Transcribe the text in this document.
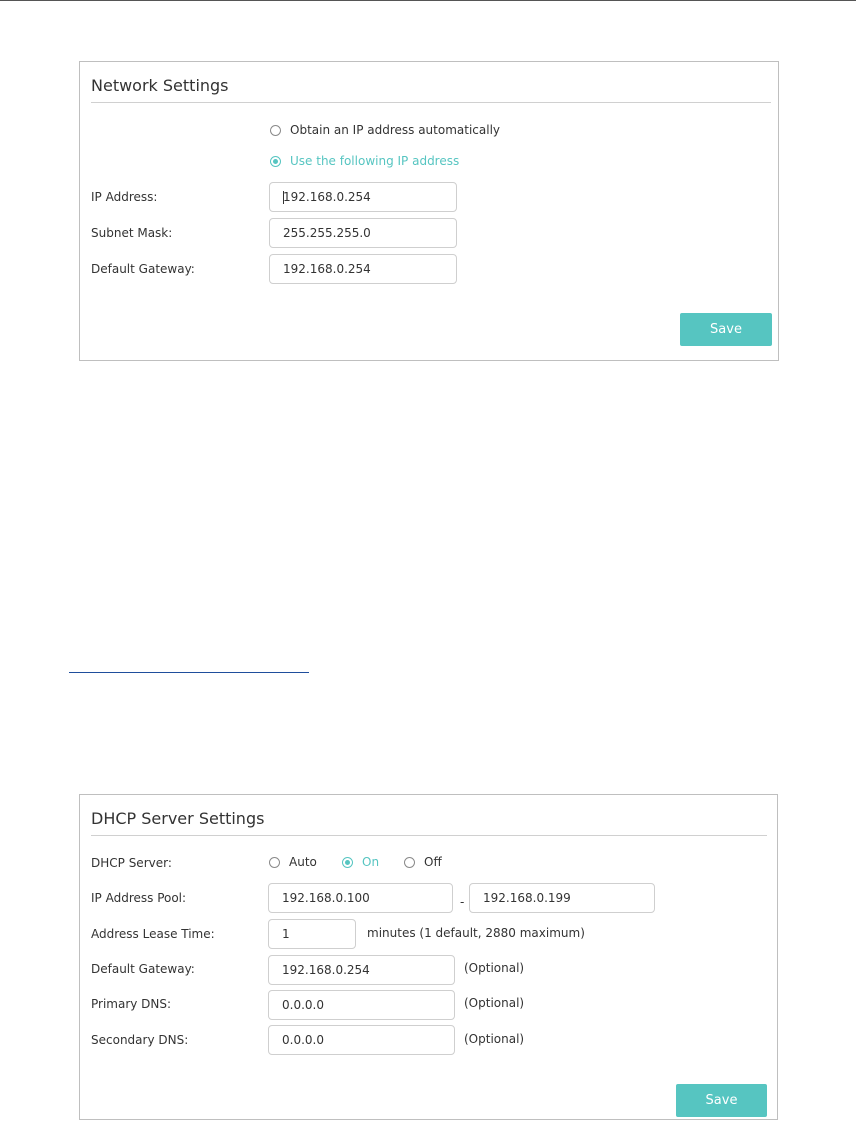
Network Settings
Obtain an IP address automatically
Use the following IP address
IP Address:
192.168.0.254
Subnet Mask:
255.255.255.0
Default Gateway:
192.168.0.254
Save
DHCP Server Settings
DHCP Server:	Auto	On	Off
IP Address Pool:
192.168.0.100	-
192.168.0.199
Address Lease Time:
1	minutes (1 default, 2880 maximum)
Default Gateway:
192.168.0.254	(Optional)
Primary DNS:
0.0.0.0	(Optional)
Secondary DNS:
0.0.0.0	(Optional)
Save
